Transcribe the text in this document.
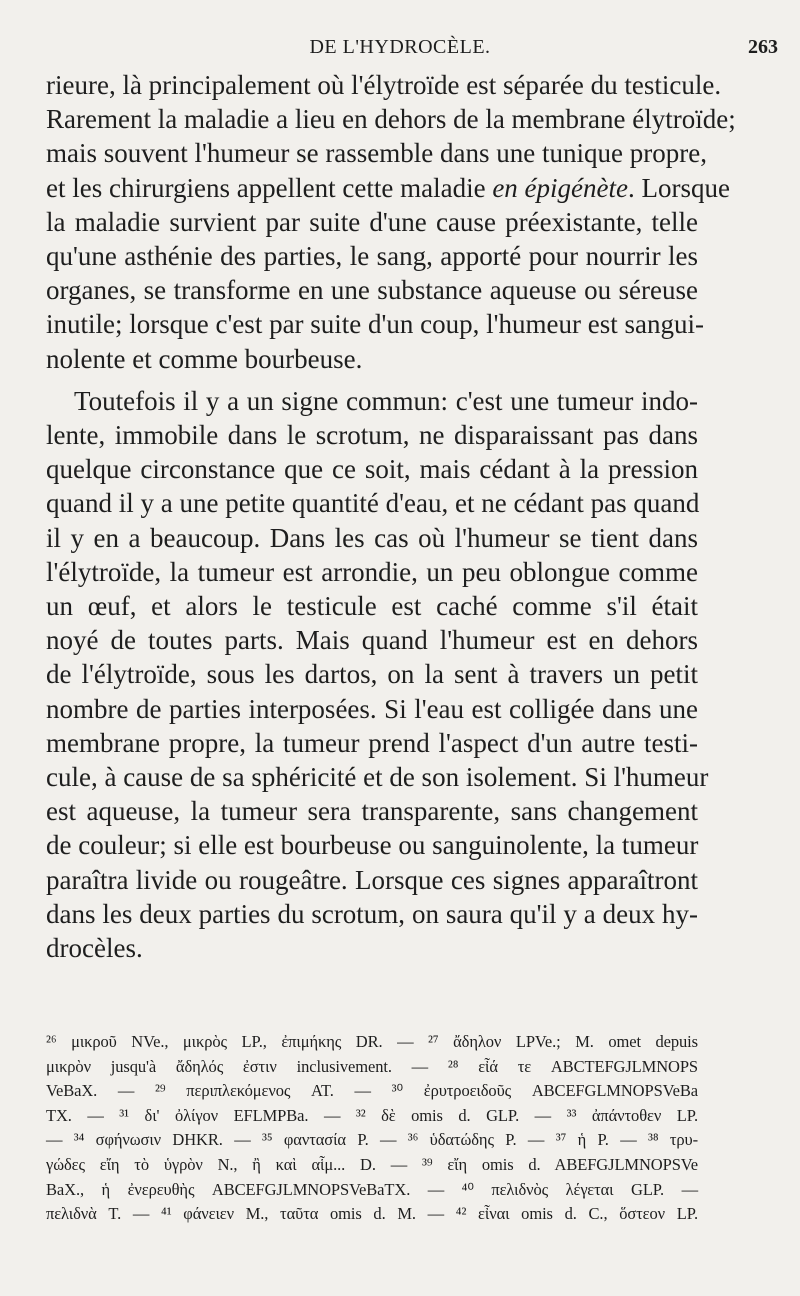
DE L'HYDROCÈLE.	263
rieure, là principalement où l'élytroïde est séparée du testicule.
Rarement la maladie a lieu en dehors de la membrane élytroïde;
mais souvent l'humeur se rassemble dans une tunique propre,
et les chirurgiens appellent cette maladie en épigénète. Lorsque
la maladie survient par suite d'une cause préexistante, telle
qu'une asthénie des parties, le sang, apporté pour nourrir les
organes, se transforme en une substance aqueuse ou séreuse
inutile; lorsque c'est par suite d'un coup, l'humeur est sangui-
nolente et comme bourbeuse.
Toutefois il y a un signe commun: c'est une tumeur indo-
lente, immobile dans le scrotum, ne disparaissant pas dans
quelque circonstance que ce soit, mais cédant à la pression
quand il y a une petite quantité d'eau, et ne cédant pas quand
il y en a beaucoup. Dans les cas où l'humeur se tient dans
l'élytroïde, la tumeur est arrondie, un peu oblongue comme
un œuf, et alors le testicule est caché comme s'il était
noyé de toutes parts. Mais quand l'humeur est en dehors
de l'élytroïde, sous les dartos, on la sent à travers un petit
nombre de parties interposées. Si l'eau est colligée dans une
membrane propre, la tumeur prend l'aspect d'un autre testi-
cule, à cause de sa sphéricité et de son isolement. Si l'humeur
est aqueuse, la tumeur sera transparente, sans changement
de couleur; si elle est bourbeuse ou sanguinolente, la tumeur
paraîtra livide ou rougeâtre. Lorsque ces signes apparaîtront
dans les deux parties du scrotum, on saura qu'il y a deux hy-
drocèles.
²⁶ μικροῦ NVe., μικρὸς LP., ἐπιμήκης DR. — ²⁷ ἄδηλον LPVe.; M. omet depuis
μικρὸν jusqu'à ἄδηλός ἐστιν inclusivement. — ²⁸ εἶά τε ABCTEFGJLMNOPS
VeBaX. — ²⁹ περιπλεκόμενος AT. — ³⁰ ἐρυτροειδοῦς ABCEFGLMNOPSVeBa
TX. — ³¹ δι' ὀλίγον EFLMPBa. — ³² δὲ omis d. GLP. — ³³ ἀπάντοθεν LP.
— ³⁴ σφήνωσιν DHKR. — ³⁵ φαντασία P. — ³⁶ ὑδατώδης P. — ³⁷ ἡ P. — ³⁸ τρυ-
γώδες εἴη τὸ ὑγρὸν N., ἢ καὶ αἷμ... D. — ³⁹ εἴη omis d. ABEFGJLMNOPSVe
BaX., ἡ ἐνερευθὴς ABCEFGJLMNOPSVeBaTX. — ⁴⁰ πελιδνὸς λέγεται GLP. —
πελιδνὰ T. — ⁴¹ φάνειεν M., ταῦτα omis d. M. — ⁴² εἶναι omis d. C., ὅστεον LP.
